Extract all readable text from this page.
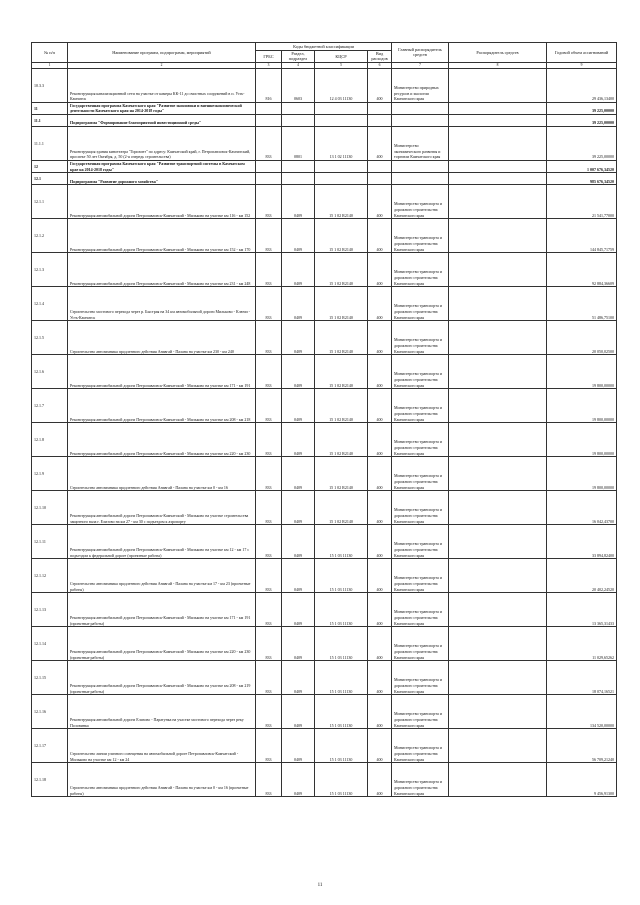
№ п/п	Наименование программ, подпрограмм, мероприятий	Коды бюджетной классификации				Главный распорядитель средств	Распорядитель средств	Годовой объем ассигнований
		ГРБС	Раздел, подраздел	КЦСР	Вид расходов			
1	2	3	4	5	6	7	8	9
10.3.3	Реконструкция канализационной сети на участке от камеры КК-11 до очистных сооружений в п. Усть-Камчатск	816	0603	12 4 03 11130	400	Министерство природных ресурсов и экологии Камчатского края		29 436,13400
11	Государственная программа Камчатского края "Развитие экономики и внешнеэкономической деятельности Камчатского края на 2014-2018 годы"							39 225,00000
11.1	Подпрограмма "Формирование благоприятной инвестиционной среды"							39 225,00000
11.1.1	Реконструкция здания кинотеатра "Горизонт" по адресу: Камчатский край, г. Петропавловск-Камчатский, проспект 50 лет Октября, д. 50 (2-я очередь строительства)	833	0801	13 1 02 11130	400	Министерство экономического развития и торговли Камчатского края		39 225,00000
12	Государственная программа Камчатского края "Развитие транспортной системы в Камчатском крае на 2014-2018 годы"							1 007 676,34520
12.1	Подпрограмма "Развитие дорожного хозяйства"							985 676,34520
12.1.1	Реконструкция автомобильной дороги Петропавловск-Камчатский - Мильково на участке км 116 - км 152	833	0409	15 1 02 R2140	400	Министерство транспорта и дорожного строительства Камчатского края		21 541,77000
12.1.2	Реконструкция автомобильной дороги Петропавловск-Камчатский - Мильково на участке км 152 - км 170	833	0409	15 1 02 R2140	400	Министерство транспорта и дорожного строительства Камчатского края		144 845,71759
12.1.3	Реконструкция автомобильной дороги Петропавловск-Камчатский - Мильково на участке км 231 - км 248	833	0409	15 1 02 R2140	400	Министерство транспорта и дорожного строительства Камчатского края		92 884,36609
12.1.4	Строительство мостового перехода через р. Быстрая на 34 км автомобильной дороги Мильково - Ключи - Усть-Камчатск	833	0409	15 1 02 R2140	400	Министерство транспорта и дорожного строительства Камчатского края		51 486,75100
12.1.5	Строительство автозимника продленного действия Анавгай - Палана на участке км 230 - км 240	833	0409	15 1 02 R2140	400	Министерство транспорта и дорожного строительства Камчатского края		20 050,02500
12.1.6	Реконструкция автомобильной дороги Петропавловск-Камчатский - Мильково на участке км 171 - км 191	833	0409	15 1 02 R2140	400	Министерство транспорта и дорожного строительства Камчатского края		19 800,00000
12.1.7	Реконструкция автомобильной дороги Петропавловск-Камчатский - Мильково на участке км 208 - км 218	833	0409	15 1 02 R2140	400	Министерство транспорта и дорожного строительства Камчатского края		19 800,00000
12.1.8	Реконструкция автомобильной дороги Петропавловск-Камчатский - Мильково на участке км 220 - км 230	833	0409	15 1 02 R2140	400	Министерство транспорта и дорожного строительства Камчатского края		19 800,00000
12.1.9	Строительство автозимника продленного действия Анавгай - Палана на участке км 0 - км 16	833	0409	15 1 02 R2140	400	Министерство транспорта и дорожного строительства Камчатского края		19 800,00000
12.1.10	Реконструкция автомобильной дороги Петропавловск-Камчатский - Мильково на участке строительства защитного вала г. Елизово на км 27 - км 30 с подъездом к аэропорту	833	0409	15 1 02 R2140	400	Министерство транспорта и дорожного строительства Камчатского края		16 042,43700
12.1.11	Реконструкция автомобильной дороги Петропавловск-Камчатский - Мильково на участке км 12 - км 17 с подъездом к федеральной дороге (проектные работы)	833	0409	15 1 03 11130	400	Министерство транспорта и дорожного строительства Камчатского края		33 894,82400
12.1.12	Строительство автозимника продленного действия Анавгай - Палана на участке км 17 - км 23 (проектные работы)	833	0409	15 1 03 11130	400	Министерство транспорта и дорожного строительства Камчатского края		20 402,24520
12.1.13	Реконструкция автомобильной дороги Петропавловск-Камчатский - Мильково на участке км 171 - км 191 (проектные работы)	833	0409	15 1 03 11130	400	Министерство транспорта и дорожного строительства Камчатского края		13 365,31433
12.1.14	Реконструкция автомобильной дороги Петропавловск-Камчатский - Мильково на участке км 220 - км 230 (проектные работы)	833	0409	15 1 03 11130	400	Министерство транспорта и дорожного строительства Камчатского края		11 029,65262
12.1.15	Реконструкция автомобильной дороги Петропавловск-Камчатский - Мильково на участке км 208 - км 219 (проектные работы)	833	0409	15 1 03 11130	400	Министерство транспорта и дорожного строительства Камчатского края		18 074,16521
12.1.16	Реконструкция автомобильной дороги Елизово - Паратунка на участке мостового перехода через реку Половинка	833	0409	15 1 03 11130	400	Министерство транспорта и дорожного строительства Камчатского края		134 520,00000
12.1.17	Строительство линии уличного освещения на автомобильной дороге Петропавловск-Камчатский - Мильково на участке км 12 - км 24	833	0409	15 1 03 11130	400	Министерство транспорта и дорожного строительства Камчатского края		56 709,21240
12.1.18	Строительство автозимника продленного действия Анавгай - Палана на участке км 0 - км 16 (проектные работы)	833	0409	15 1 03 11130	400	Министерство транспорта и дорожного строительства Камчатского края		9 456,91300
11
